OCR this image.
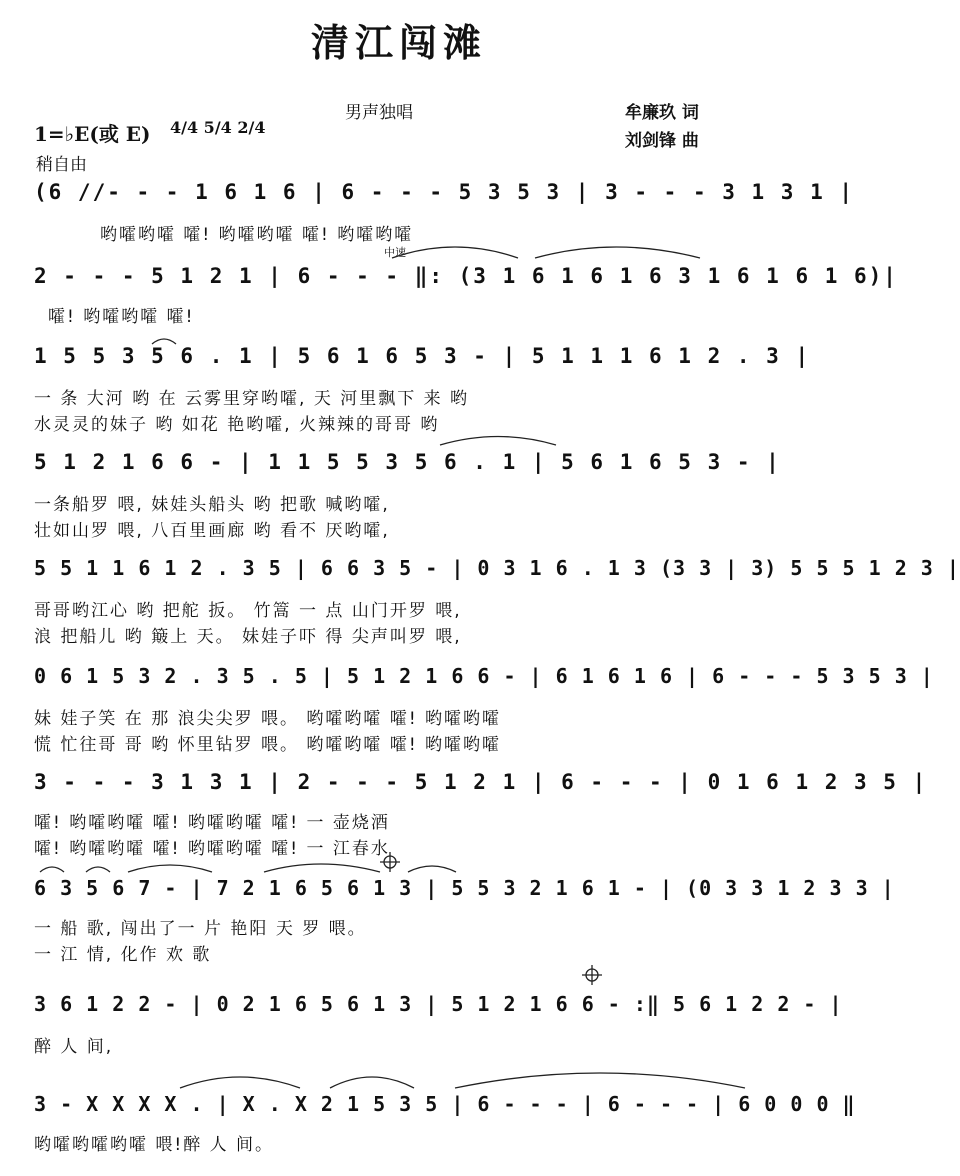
清江闯滩
男声独唱	牟廉玖 词
刘剑锋 曲
1=♭E(或 E) 4/4 5/4 2/4
稍自由
中速
(6 //- - - 1 6 1 6 | 6 - - - 5 3 5 3 | 3 - - - 3 1 3 1 |
哟嚯哟嚯 嚯! 哟嚯哟嚯 嚯! 哟嚯哟嚯
2 - - - 5 1 2 1 | 6 - - - ‖: (3 1 6 1 6 1 6 3 1 6 1 6 1 6)|
嚯! 哟嚯哟嚯 嚯!
1 5 5 3 5 6 . 1 | 5 6 1 6 5 3 - | 5 1 1 1 6 1 2 . 3 |
一 条 大河 哟 在 云雾里穿哟嚯, 天 河里飘下 来 哟
水灵灵的妹子 哟 如花 艳哟嚯, 火辣辣的哥哥 哟
5 1 2 1 6 6 - | 1 1 5 5 3 5 6 . 1 | 5 6 1 6 5 3 - |
一条船罗 喂, 妹娃头船头 哟 把歌 喊哟嚯,
壮如山罗 喂, 八百里画廊 哟 看不 厌哟嚯,
5 5 1 1 6 1 2 . 3 5 | 6 6 3 5 - | 0 3 1 6 . 1 3 (3 3 | 3) 5 5 5 1 2 3 |
哥哥哟江心 哟 把舵 扳。 竹篙 一 点 山门开罗 喂,
浪 把船儿 哟 簸上 天。 妹娃子吓 得 尖声叫罗 喂,
0 6 1 5 3 2 . 3 5 . 5 | 5 1 2 1 6 6 - | 6 1 6 1 6 | 6 - - - 5 3 5 3 |
妹 娃子笑 在 那 浪尖尖罗 喂。 哟嚯哟嚯 嚯! 哟嚯哟嚯
慌 忙往哥 哥 哟 怀里钻罗 喂。 哟嚯哟嚯 嚯! 哟嚯哟嚯
3 - - - 3 1 3 1 | 2 - - - 5 1 2 1 | 6 - - - | 0 1 6 1 2 3 5 |
嚯! 哟嚯哟嚯 嚯! 哟嚯哟嚯 嚯! 一 壶烧酒
嚯! 哟嚯哟嚯 嚯! 哟嚯哟嚯 嚯! 一 江春水
6 3 5 6 7 - | 7 2 1 6 5 6 1 3 | 5 5 3 2 1 6 1 - | (0 3 3 1 2 3 3 |
一 船 歌, 闯出了一 片 艳阳 天 罗 喂。
一 江 情, 化作 欢 歌
3 6 1 2 2 - | 0 2 1 6 5 6 1 3 | 5 1 2 1 6 6 - :‖ 5 6 1 2 2 - |
醉 人 间,
3 - X X X X . | X . X 2 1 5 3 5 | 6 - - - | 6 - - - | 6 0 0 0 ‖
哟嚯哟嚯哟嚯 喂!醉 人 间。
